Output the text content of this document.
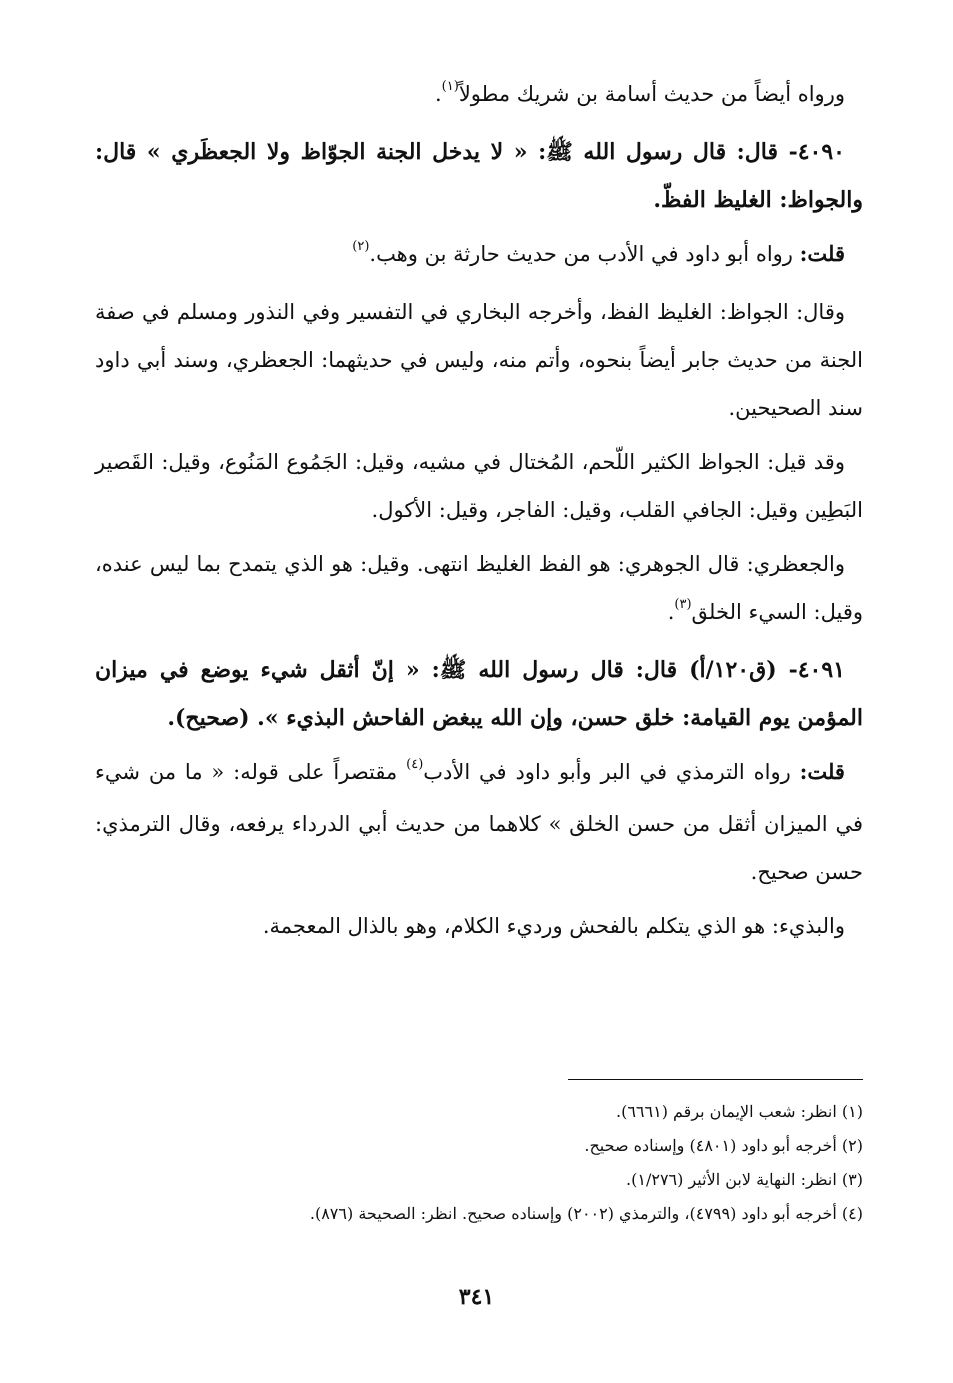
ورواه أيضاً من حديث أسامة بن شريك مطولاً$^{(١)}$.

٤٠٩٠- قال: قال رسول الله ﷺ: « لا يدخل الجنة الجوّاظ ولا الجعظَري » قال: والجواظ: الغليظ الفظّ.

قلت: رواه أبو داود في الأدب من حديث حارثة بن وهب.$^{(٢)}$

وقال: الجواظ: الغليظ الفظ، وأخرجه البخاري في التفسير وفي النذور ومسلم في صفة الجنة من حديث جابر أيضاً بنحوه، وأتم منه، وليس في حديثهما: الجعظري، وسند أبي داود سند الصحيحين.

وقد قيل: الجواظ الكثير اللّحم، المُختال في مشيه، وقيل: الجَمُوع المَنُوع، وقيل: القَصير البَطِين وقيل: الجافي القلب، وقيل: الفاجر، وقيل: الأكول.

والجعظري: قال الجوهري: هو الفظ الغليظ انتهى. وقيل: هو الذي يتمدح بما ليس عنده، وقيل: السيء الخلق$^{(٣)}$.

٤٠٩١- (ق١٢٠/أ) قال: قال رسول الله ﷺ: « إنّ أثقل شيء يوضع في ميزان المؤمن يوم القيامة: خلق حسن، وإن الله يبغض الفاحش البذيء ». (صحيح).

قلت: رواه الترمذي في البر وأبو داود في الأدب$^{(٤)}$ مقتصراً على قوله: « ما من شيء في الميزان أثقل من حسن الخلق » كلاهما من حديث أبي الدرداء يرفعه، وقال الترمذي: حسن صحيح.

والبذيء: هو الذي يتكلم بالفحش ورديء الكلام، وهو بالذال المعجمة.

(١) انظر: شعب الإيمان برقم (٦٦٦١).

(٢) أخرجه أبو داود (٤٨٠١) وإسناده صحيح.

(٣) انظر: النهاية لابن الأثير (١/٢٧٦).

(٤) أخرجه أبو داود (٤٧٩٩)، والترمذي (٢٠٠٢) وإسناده صحيح. انظر: الصحيحة (٨٧٦).

٣٤١
